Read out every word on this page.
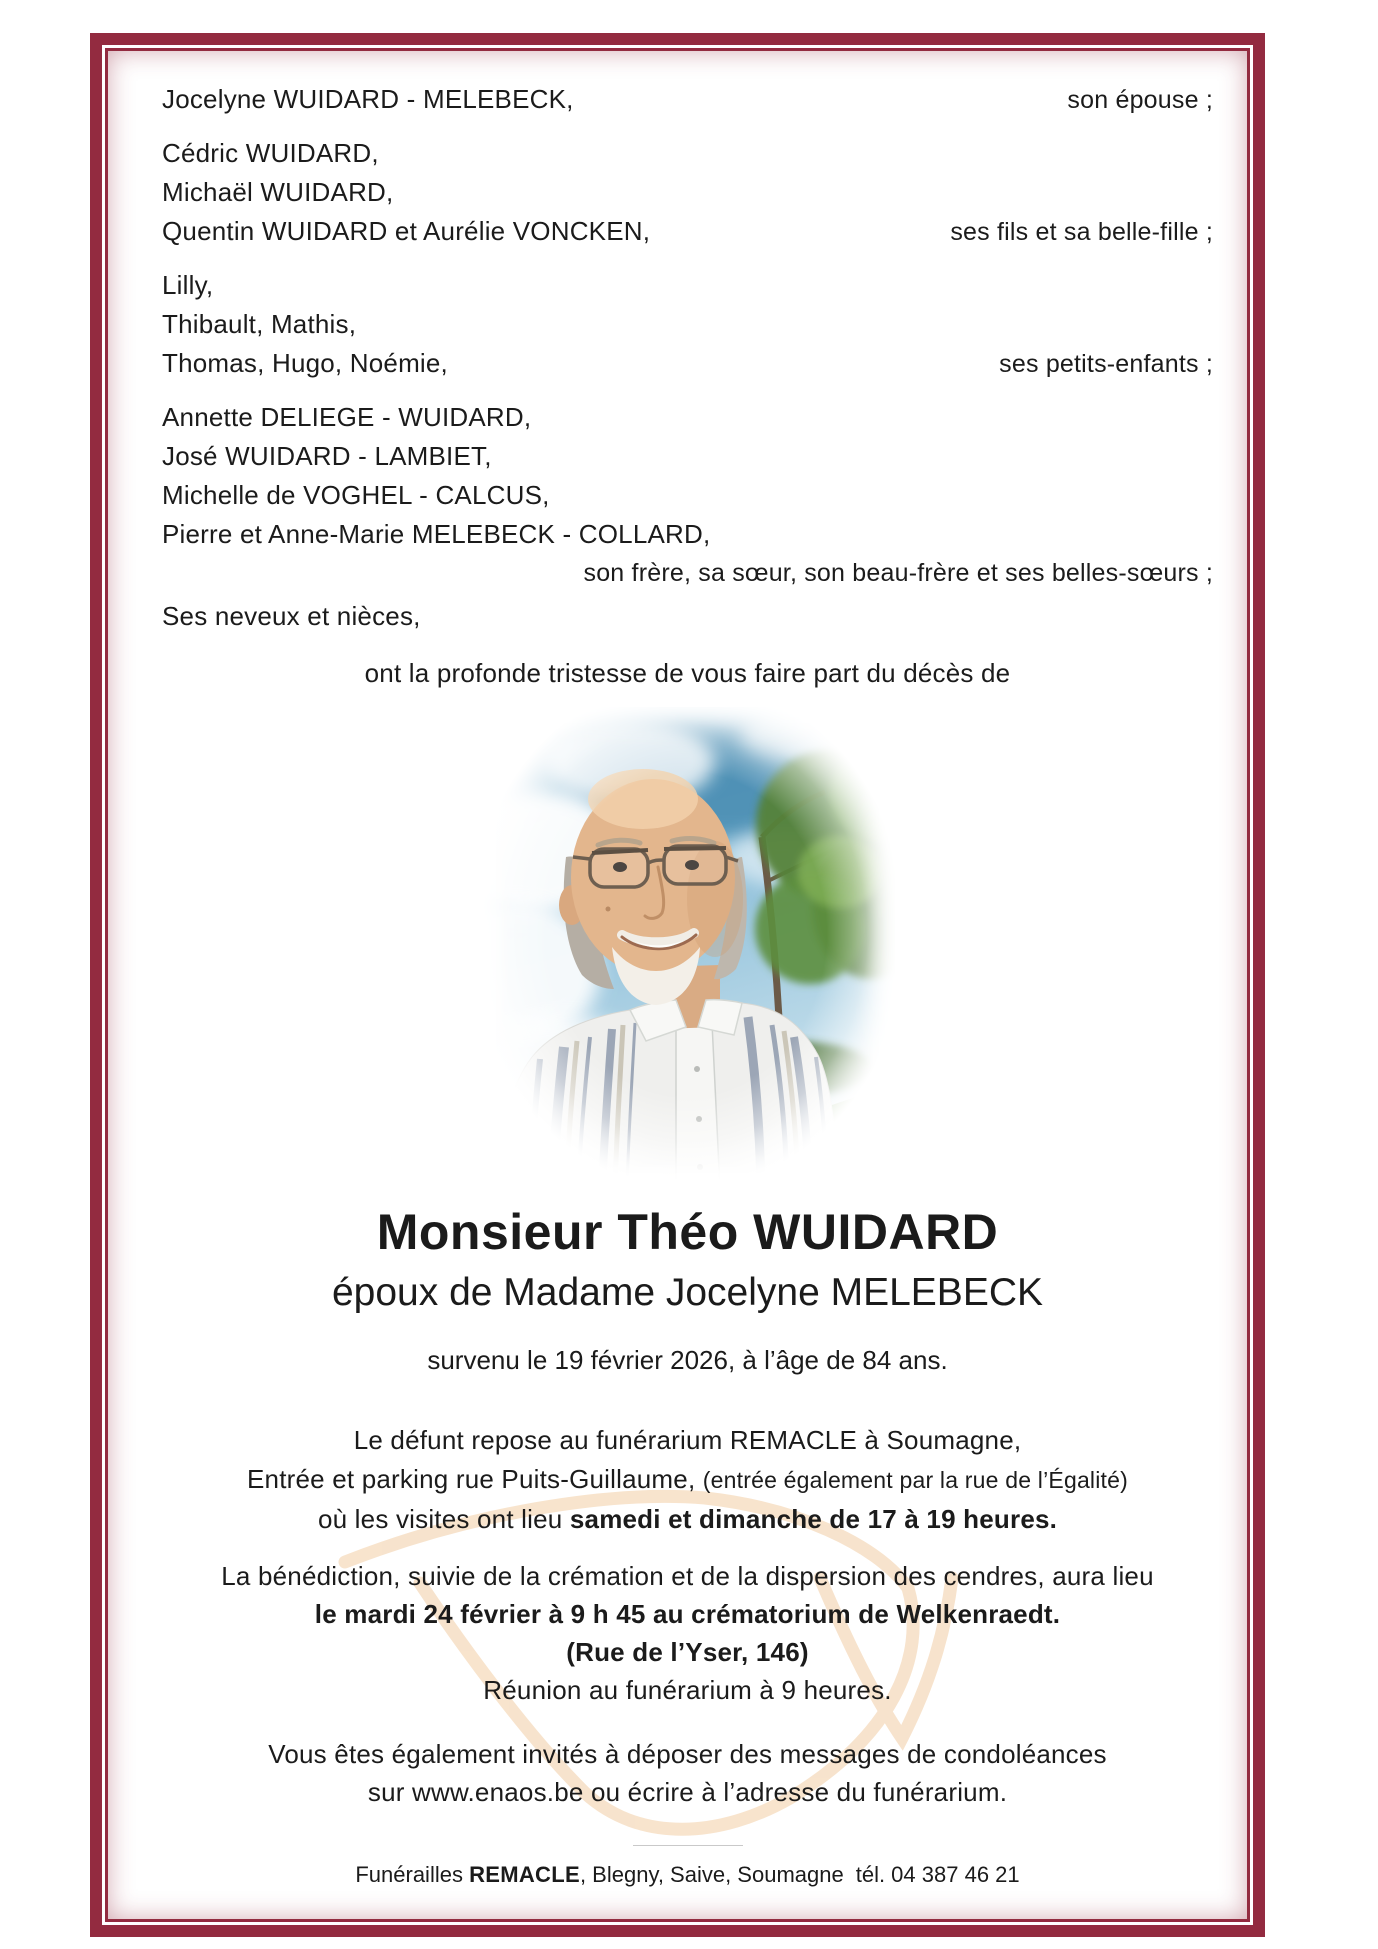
Jocelyne WUIDARD - MELEBECK,	son épouse ;
Cédric WUIDARD,
Michaël WUIDARD,
Quentin WUIDARD et Aurélie VONCKEN,	ses fils et sa belle-fille ;
Lilly,
Thibault, Mathis,
Thomas, Hugo, Noémie,	ses petits-enfants ;
Annette DELIEGE - WUIDARD,
José WUIDARD - LAMBIET,
Michelle de VOGHEL - CALCUS,
Pierre et Anne-Marie MELEBECK - COLLARD,
son frère, sa sœur, son beau-frère et ses belles-sœurs ;
Ses neveux et nièces,

ont la profonde tristesse de vous faire part du décès de

Monsieur Théo WUIDARD
époux de Madame Jocelyne MELEBECK

survenu le 19 février 2026, à l’âge de 84 ans.

Le défunt repose au funérarium REMACLE à Soumagne,
Entrée et parking rue Puits-Guillaume, (entrée également par la rue de l’Égalité)
où les visites ont lieu samedi et dimanche de 17 à 19 heures.

La bénédiction, suivie de la crémation et de la dispersion des cendres, aura lieu
le mardi 24 février à 9 h 45 au crématorium de Welkenraedt.
(Rue de l’Yser, 146)
Réunion au funérarium à 9 heures.

Vous êtes également invités à déposer des messages de condoléances
sur www.enaos.be ou écrire à l’adresse du funérarium.

Funérailles REMACLE, Blegny, Saive, Soumagne tél. 04 387 46 21
